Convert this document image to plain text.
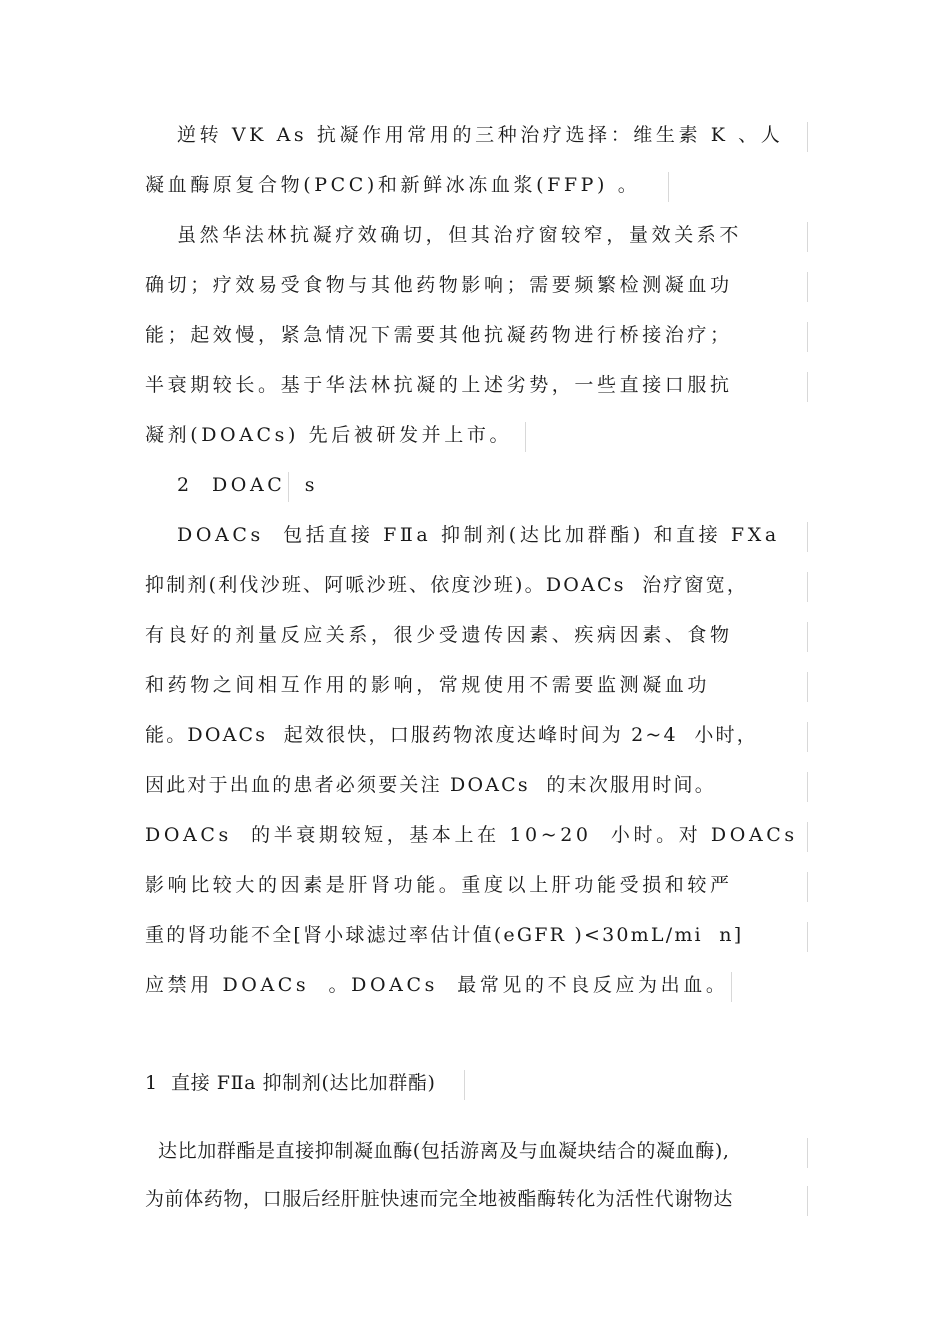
逆转 VK As 抗凝作用常用的三种治疗选择：维生素 K 、人
凝血酶原复合物(PCC)和新鲜冰冻血浆(FFP) 。
虽然华法林抗凝疗效确切，但其治疗窗较窄，量效关系不
确切；疗效易受食物与其他药物影响；需要频繁检测凝血功
能；起效慢，紧急情况下需要其他抗凝药物进行桥接治疗；
半衰期较长。基于华法林抗凝的上述劣势，一些直接口服抗
凝剂(DOACs) 先后被研发并上市。
2  DOAC  s
DOACs  包括直接 FⅡa 抑制剂(达比加群酯) 和直接 FⅩa
抑制剂(利伐沙班、阿哌沙班、依度沙班)。DOACs  治疗窗宽，
有良好的剂量反应关系，很少受遗传因素、疾病因素、食物
和药物之间相互作用的影响，常规使用不需要监测凝血功
能。DOACs  起效很快，口服药物浓度达峰时间为 2~4  小时，
因此对于出血的患者必须要关注 DOACs  的末次服用时间。
DOACs  的半衰期较短，基本上在 10~20  小时。对 DOACs
影响比较大的因素是肝肾功能。重度以上肝功能受损和较严
重的肾功能不全[肾小球滤过率估计值(eGFR )<30mL/mi  n]
应禁用 DOACs  。DOACs  最常见的不良反应为出血。
1  直接 FⅡa 抑制剂(达比加群酯)
达比加群酯是直接抑制凝血酶(包括游离及与血凝块结合的凝血酶),
为前体药物，口服后经肝脏快速而完全地被酯酶转化为活性代谢物达
